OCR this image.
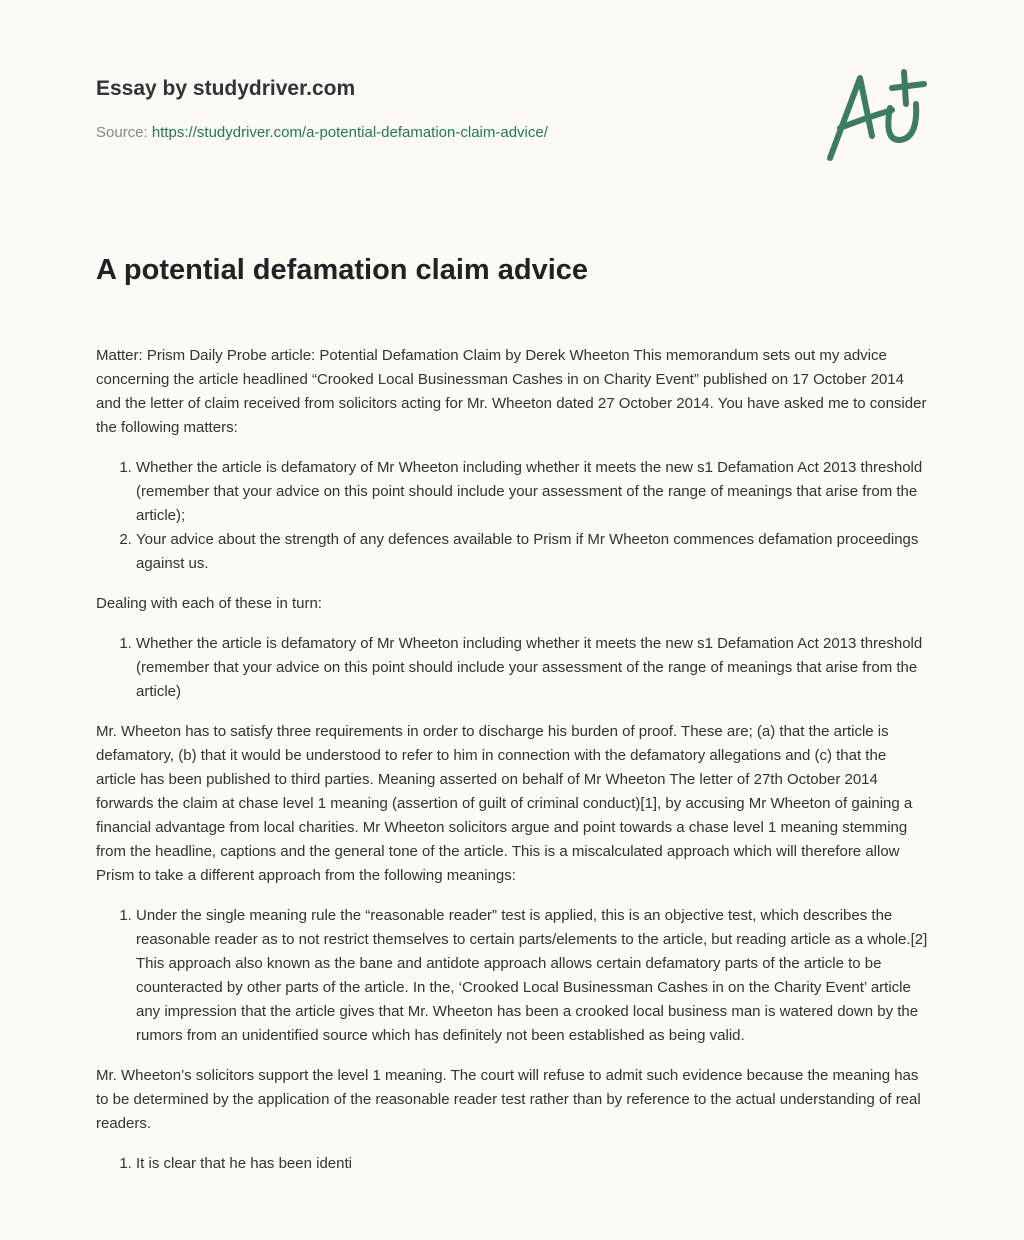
Essay by studydriver.com
Source: https://studydriver.com/a-potential-defamation-claim-advice/
A potential defamation claim advice

Matter: Prism Daily Probe article: Potential Defamation Claim by Derek Wheeton This memorandum sets out my advice concerning the article headlined “Crooked Local Businessman Cashes in on Charity Event” published on 17 October 2014 and the letter of claim received from solicitors acting for Mr. Wheeton dated 27 October 2014. You have asked me to consider the following matters:

1. Whether the article is defamatory of Mr Wheeton including whether it meets the new s1 Defamation Act 2013 threshold (remember that your advice on this point should include your assessment of the range of meanings that arise from the article);
2. Your advice about the strength of any defences available to Prism if Mr Wheeton commences defamation proceedings against us.

Dealing with each of these in turn:

1. Whether the article is defamatory of Mr Wheeton including whether it meets the new s1 Defamation Act 2013 threshold (remember that your advice on this point should include your assessment of the range of meanings that arise from the article)

Mr. Wheeton has to satisfy three requirements in order to discharge his burden of proof. These are; (a) that the article is defamatory, (b) that it would be understood to refer to him in connection with the defamatory allegations and (c) that the article has been published to third parties. Meaning asserted on behalf of Mr Wheeton The letter of 27th October 2014 forwards the claim at chase level 1 meaning (assertion of guilt of criminal conduct)[1], by accusing Mr Wheeton of gaining a financial advantage from local charities. Mr Wheeton solicitors argue and point towards a chase level 1 meaning stemming from the headline, captions and the general tone of the article. This is a miscalculated approach which will therefore allow Prism to take a different approach from the following meanings:

1. Under the single meaning rule the “reasonable reader” test is applied, this is an objective test, which describes the reasonable reader as to not restrict themselves to certain parts/elements to the article, but reading article as a whole.[2] This approach also known as the bane and antidote approach allows certain defamatory parts of the article to be counteracted by other parts of the article. In the, ‘Crooked Local Businessman Cashes in on the Charity Event’ article any impression that the article gives that Mr. Wheeton has been a crooked local business man is watered down by the rumors from an unidentified source which has definitely not been established as being valid.

Mr. Wheeton’s solicitors support the level 1 meaning. The court will refuse to admit such evidence because the meaning has to be determined by the application of the reasonable reader test rather than by reference to the actual understanding of real readers.

1. It is clear that he has been identi
